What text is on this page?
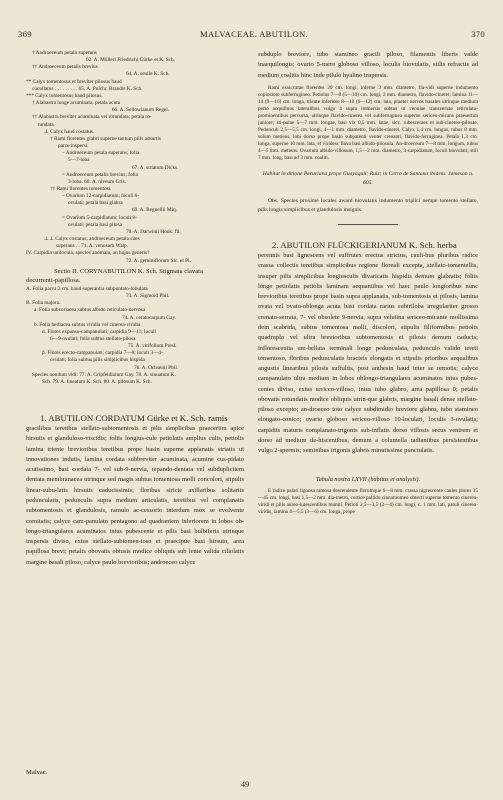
369	MALVACEAE. ABUTILON.	370

† Androeceum petala superans

62. A. Mülleri Friedrichi Gürke et K. Sch.

†† Androeceum petalis brevius

64. A. senile K. Sch.

** Calyx tomentosus et breviter pilosus haud

cucullatus . . . . . . . . . 65. A. Pulchr. Brandis K. Sch.

*** Calyx tomentosus haud pilosus.

† Alabastra longe acuminata; petala acuta

66. A. Sellowianum Regel.

†† Alabastra breviter acuminata vel rotundata; petala ro-

tundata.

⊥ Calyx haud costatus.

† Rami florentes glabri superne tantum pilis adsurtis

parce inspersi.

– Androeceum petala superans; folia

5—7-loba

67. A. striatum Dicks.

= Androeceum petalis brevius; folia

3-loba. 68. A. niveum Gris.

†† Rami florentes tomentosi.

– Ovarium 12-carpidiatum; loculi 6-

ovulati; petala basi glabra

69. A. Regnellii Miq.

= Ovarium 5-carpidiatum; loculi 8-

ovulati; petala basi pilosa

70. A. Darwinii Hook. fil.

⊥⊥ Calyx costatus; androeceum petala sites

superans . . 71. A. venosum Walp.

IV. Carpidia unilocula, species anomala, an hujus generis?

72. A. geminiflorum Sic. et Pl.

Sectio II. CORYNABUTILON K. Sch. Stigmata clavata

decurrenti-papillosa.

A. Folia parva 2 cm. haud superantia subpuntato-lobulata

73. A. Sigmoid Phil.

B. Folia majora.

a. Folia subcoriacea subtus albido reticulato-nervosa

74. A. ceratocarpum Gay.

b. Folia herbacea subtus viridia vel cinerea-viridia.

α. Flores expanso-campanulati; carpidia 9—11; loculi

6—9-ovulati; folia subtus stellato-pilosa

75. A. vitifolium Presl.

β. Flores erecto-campanulati; carpidia 7—8; loculi 3—4-

ovulati; folia subtus pilis simplicibus hispida

76. A. Ochsenii Phil.

Species nondum vidi: 77. A. Gripfeldiaium Gay. 78. A. sinuatum K.

Sch. 79. A. lineatum K. Sch. 80. A. pilosum K. Sch.

1. ABUTILON CORDATUM Gürke et K. Sch. ramis

gracilibus teretibus stellato-subtomentosis et pilis simplicibus praecertim apice hirsutis et glanduloso-viscidis; foliis longius-cule petiolatis amplius culis, petiolis lamina triente brevioribus teretibus prope basin superne applanatis striatis ut innovationes indutis, lamina cordata subbreviter acuminata, acumine cus-pidato acutissimo, basi cordata 7- vel sub-9-nervia, repando-dentata vel subduplicitem dentata membranacea utrinque sed magis subtus tomentosa molli concolori, stipulis linear-subu-latis hirsutis caducissimis; floribus stricte axillaribus solitariis pedunculatis, pedunculis supra medium articulatis, teretibus vel complanatis subtomentosis et glandulosis, ramulo ac-cessorio interdum mox se evolvente comitatis; calyce cam-panulato pentagono ad quadrantem inferiorem in lobos ob-longo-triangulares acuminatos intus pubescente et pilis basi bulbiferis utrinque inspersis diviso, extus stellato-subtomen-toso et praecipue basi hirsuto, area papillosa brevi; petalis obovatis obtusis modice obliquis sub lente valida ciliolatis margine basali piloso, calyce paulo brevioribus; androeceo calyce

subduplo breviore, tubo stamineo gracili piloso, filamentis liberis valde inaequilongis; ovario 5-mero globoso villoso, loculis biovulatis, stilis refractis ad medium coalitis hinc inde pilulo hyalino inspersis.

Rami exsiccatae florentes 20 cm. longi, inferne 3 mm. diametro, fla-vidi superne indumento copiosiore subferrugineo. Petiolus 7—8 (5—10) cm. longi, 2 mm. diametro, flavido-cinerei; lamina 11—14 (9—16) cm. longa, triente inferiore 8—10 (6—12) cm. lata, praeter nervos basales utrinque medium perio acquilinus lateralibus vulgo 4 supra immersis subtus ut venulae transversae reticulato-prominentibus percursa, utrinque flavido-cinerea vel subferruginea superne sericeo-micans praesertim juniore; sti-pulae 5—7 mm. longae, basi vix 0,5 mm. latae, sicc. rubescentes et sub-cinereo-pilosae. Pedunculi 2,5—5,5 cm. longi, 4—1 mm. diametro, flavido-cinerei. Calyx 1,4 cm. longus, tubus 8 mm. solum metiens, lobi dorso prope basin subpatenti venter crenanti, flavido-ferruginea. Petala 1,3 cm. longa, superne 10 mm. lata, et viridesc flava basi albido-pilosula. An-droeceum 7—8 mm. longum, tubus 4—5 mm. metiens. Ovarium albido-villosum, 1,5—2 mm. diametro, 3-carpidiatum, loculi biovulati; stili 7 mm. long, basi ad 3 mm. coaliti.

Habitat in ditione Peruviana prope Guayaquil: Ruiz; in Cerro de Santana ibidem: Jameson n. 605.

Obs. Species proxime locales award biovulatis indumento triplici nempe tomento stellato, pilis longis simplicibus et glandulosis insignis.

2. ABUTILON FLÜCKIGERIANUM K. Sch. herba

perennis basi lignescens vel suffrutex erectus strictus, cauli-bus pluribus radice crassa collectis teretibus simplicibus regione floreali excepta, stellato-tomentellis, insuper pilis simplicibus longiusculis divaricatis hispidis demum glabratis; foliis longe petiolatis petiolis laminam aequantibus vel haec paulo longioribus nunc brevioribus teretibus prope basin supra applanatis, sub-tomentosis et pilosis, lamina ovata vel ovato-oblonga acuta basi cordata rarius subtriloba irregulariter grosso crenato-serrata, 7- vel obsolete 9-nervia, supra velutina sericeo-micante mollissima dein scabrida, subtus tomentosa molli, discolori, stipulis filiformibus petiolis quadruplo vel ultra brevioribus subtomentosis et pilosis demum caducis; inflorescentia um-bellata terminali longe pedunculata, pedunculo valido tereti tomentoso, floribus pedunculatis bracteis elongatis et stipulis prioribus aequalibus angustis linearibus pilosis suffultis, post anthesin haud inter se remotis; calyce campanulato ultra medium in lobos oblongo-triangulares acuminatos intus pubes-centes diviso, extus sericeo-villoso, intus tubo glabro, area papillosa 0; petalis obovatis rotundatis modice obliquis utrin-que glabris, margine basali dense stellato-piloso excepto; an-droeceo toto calyce subdimidio breviore glabro, tubo stamineo elongato-conico; ovario globoso sericeo-villoso 10-loculari, loculis 3-ovulatis; carpidiis maturis complanato-trigonis sub-inflatis dorso villosis secus ventrem et dorso ad medium de-hiscentibus, demum a columella radiantibus persistentibus vulgo 2-spermis; seminibus trigonis glabris minutissime punctulatis.

Tabula nostra LXVII (habitus et analysis).

E radice palari lignosa ramosa descendente florumque 6—8 mm. crassa nigrescente caules plures 35—45 cm. longi, basi 1,5—2 mm. dia-metro, cortice pallido cinnamomeo obtecti superne tomento cinereo-viridi et pilis aureo-lutescentibus muniti. Petioli 2,5—3,5 (2—4) cm. longi, c. 1 mm. lati, patuli cinereo-viridis, lamina 4—5,5 (3—6) cm. longa, prope

Malvac.
49
